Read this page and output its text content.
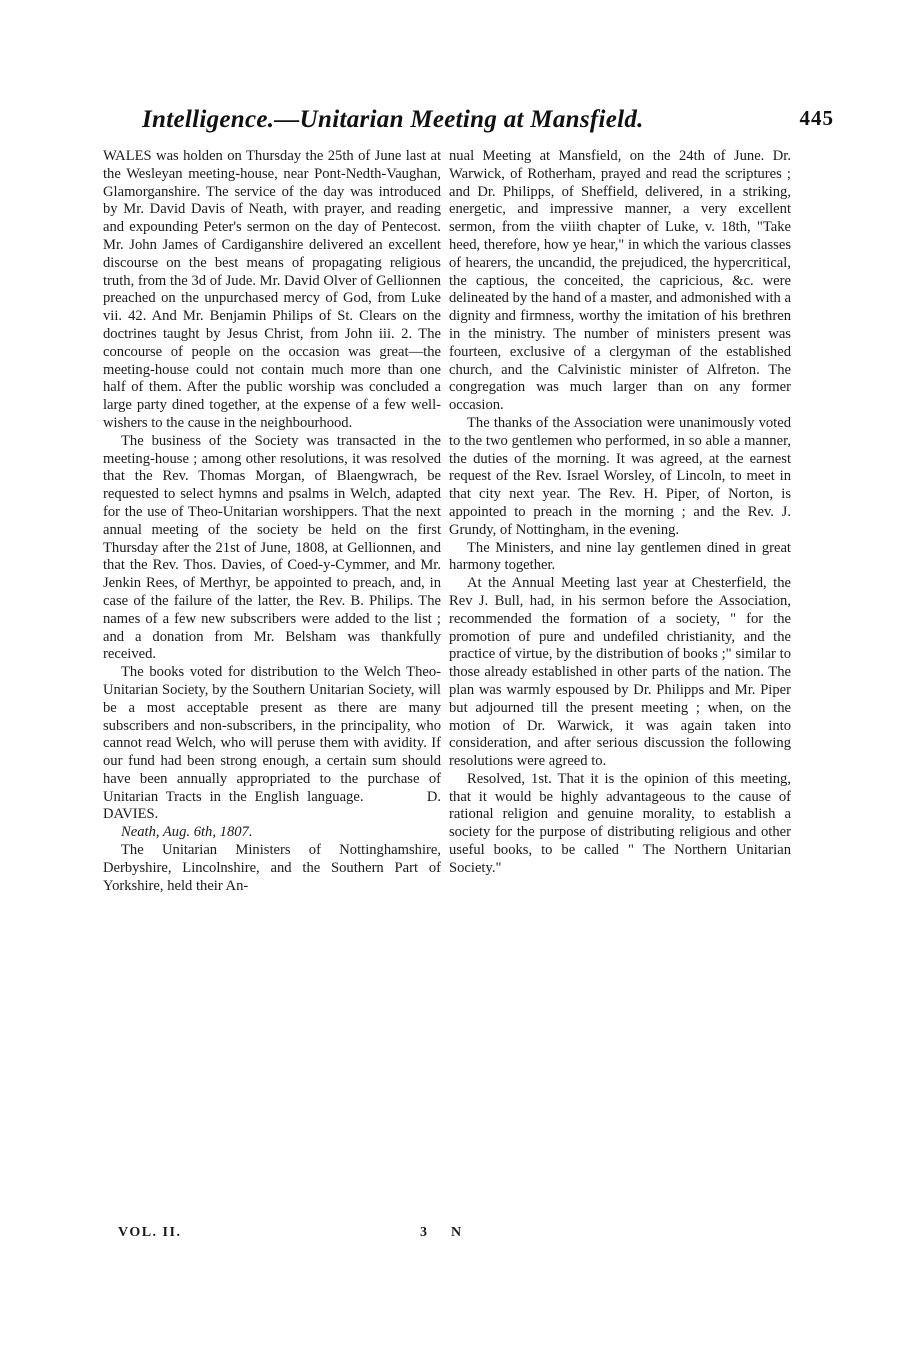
Intelligence.—Unitarian Meeting at Mansfield.	445

WALES was holden on Thursday the 25th of June last at the Wesleyan meeting-house, near Pont-Nedth-Vaughan, Glamorganshire. The service of the day was introduced by Mr. David Davis of Neath, with prayer, and reading and expounding Peter's sermon on the day of Pentecost. Mr. John James of Cardiganshire delivered an excellent discourse on the best means of propagating religious truth, from the 3d of Jude. Mr. David Olver of Gellionnen preached on the unpurchased mercy of God, from Luke vii. 42. And Mr. Benjamin Philips of St. Clears on the doctrines taught by Jesus Christ, from John iii. 2. The concourse of people on the occasion was great—the meeting-house could not contain much more than one half of them. After the public worship was concluded a large party dined together, at the expense of a few well-wishers to the cause in the neighbourhood.

The business of the Society was transacted in the meeting-house ; among other resolutions, it was resolved that the Rev. Thomas Morgan, of Blaengwrach, be requested to select hymns and psalms in Welch, adapted for the use of Theo-Unitarian worshippers. That the next annual meeting of the society be held on the first Thursday after the 21st of June, 1808, at Gellionnen, and that the Rev. Thos. Davies, of Coed-y-Cymmer, and Mr. Jenkin Rees, of Merthyr, be appointed to preach, and, in case of the failure of the latter, the Rev. B. Philips. The names of a few new subscribers were added to the list ; and a donation from Mr. Belsham was thankfully received.

The books voted for distribution to the Welch Theo-Unitarian Society, by the Southern Unitarian Society, will be a most acceptable present as there are many subscribers and non-subscribers, in the principality, who cannot read Welch, who will peruse them with avidity. If our fund had been strong enough, a certain sum should have been annually appropriated to the purchase of Unitarian Tracts in the English language.	D. DAVIES.

Neath, Aug. 6th, 1807.

The Unitarian Ministers of Nottinghamshire, Derbyshire, Lincolnshire, and the Southern Part of Yorkshire, held their An-

nual Meeting at Mansfield, on the 24th of June. Dr. Warwick, of Rotherham, prayed and read the scriptures ; and Dr. Philipps, of Sheffield, delivered, in a striking, energetic, and impressive manner, a very excellent sermon, from the viiith chapter of Luke, v. 18th, "Take heed, therefore, how ye hear," in which the various classes of hearers, the uncandid, the prejudiced, the hypercritical, the captious, the conceited, the capricious, &c. were delineated by the hand of a master, and admonished with a dignity and firmness, worthy the imitation of his brethren in the ministry. The number of ministers present was fourteen, exclusive of a clergyman of the established church, and the Calvinistic minister of Alfreton. The congregation was much larger than on any former occasion.

The thanks of the Association were unanimously voted to the two gentlemen who performed, in so able a manner, the duties of the morning. It was agreed, at the earnest request of the Rev. Israel Worsley, of Lincoln, to meet in that city next year. The Rev. H. Piper, of Norton, is appointed to preach in the morning ; and the Rev. J. Grundy, of Nottingham, in the evening.

The Ministers, and nine lay gentlemen dined in great harmony together.

At the Annual Meeting last year at Chesterfield, the Rev J. Bull, had, in his sermon before the Association, recommended the formation of a society, " for the promotion of pure and undefiled christianity, and the practice of virtue, by the distribution of books ;" similar to those already established in other parts of the nation. The plan was warmly espoused by Dr. Philipps and Mr. Piper but adjourned till the present meeting ; when, on the motion of Dr. Warwick, it was again taken into consideration, and after serious discussion the following resolutions were agreed to.

Resolved, 1st. That it is the opinion of this meeting, that it would be highly advantageous to the cause of rational religion and genuine morality, to establish a society for the purpose of distributing religious and other useful books, to be called " The Northern Unitarian Society."

VOL. II.	3 N
